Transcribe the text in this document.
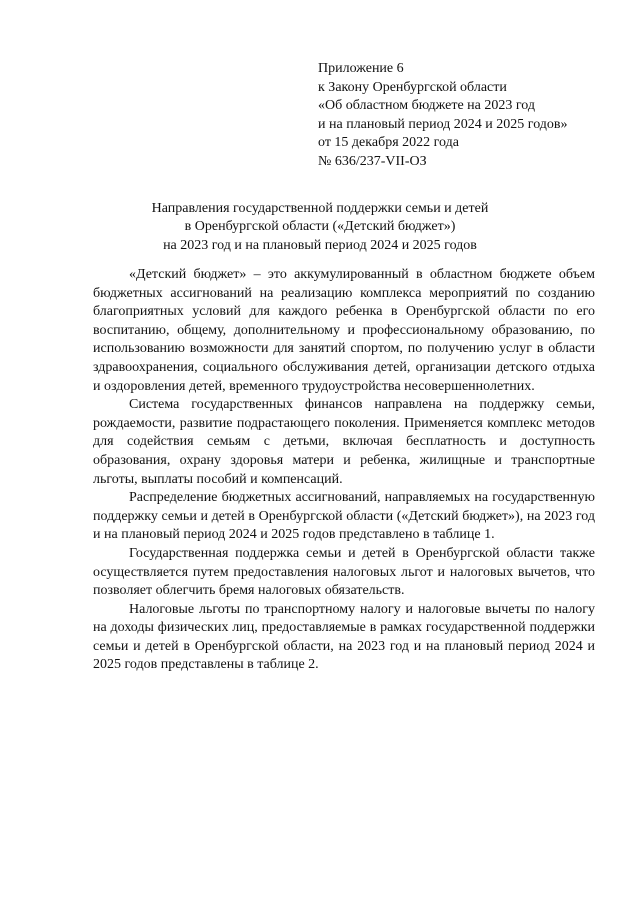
Приложение 6
к Закону Оренбургской области
«Об областном бюджете на 2023 год
и на плановый период 2024 и 2025 годов»
от 15 декабря 2022 года
№ 636/237-VII-ОЗ
Направления государственной поддержки семьи и детей
в Оренбургской области («Детский бюджет»)
на 2023 год и на плановый период 2024 и 2025 годов

«Детский бюджет» – это аккумулированный в областном бюджете объем бюджетных ассигнований на реализацию комплекса мероприятий по созданию благоприятных условий для каждого ребенка в Оренбургской области по его воспитанию, общему, дополнительному и профессиональному образованию, по использованию возможности для занятий спортом, по получению услуг в области здравоохранения, социального обслуживания детей, организации детского отдыха и оздоровления детей, временного трудоустройства несовершеннолетних.

Система государственных финансов направлена на поддержку семьи, рождаемости, развитие подрастающего поколения. Применяется комплекс методов для содействия семьям с детьми, включая бесплатность и доступность образования, охрану здоровья матери и ребенка, жилищные и транспортные льготы, выплаты пособий и компенсаций.

Распределение бюджетных ассигнований, направляемых на государственную поддержку семьи и детей в Оренбургской области («Детский бюджет»), на 2023 год и на плановый период 2024 и 2025 годов представлено в таблице 1.

Государственная поддержка семьи и детей в Оренбургской области также осуществляется путем предоставления налоговых льгот и налоговых вычетов, что позволяет облегчить бремя налоговых обязательств.

Налоговые льготы по транспортному налогу и налоговые вычеты по налогу на доходы физических лиц, предоставляемые в рамках государственной поддержки семьи и детей в Оренбургской области, на 2023 год и на плановый период 2024 и 2025 годов представлены в таблице 2.
